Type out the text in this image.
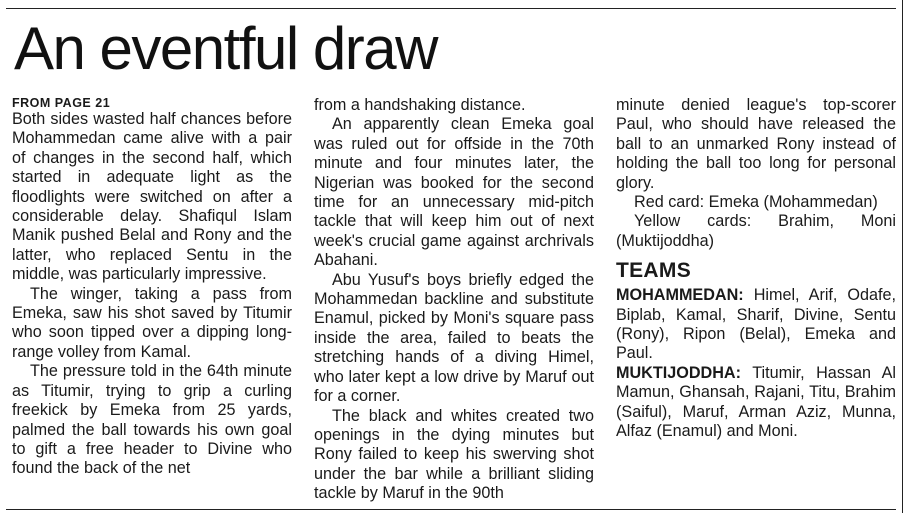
An eventful draw
FROM PAGE 21

Both sides wasted half chances before Mohammedan came alive with a pair of changes in the second half, which started in adequate light as the floodlights were switched on after a considerable delay. Shafiqul Islam Manik pushed Belal and Rony and the latter, who replaced Sentu in the middle, was particularly impressive.

The winger, taking a pass from Emeka, saw his shot saved by Titumir who soon tipped over a dipping long-range volley from Kamal.

The pressure told in the 64th minute as Titumir, trying to grip a curling freekick by Emeka from 25 yards, palmed the ball towards his own goal to gift a free header to Divine who found the back of the net

from a handshaking distance.

An apparently clean Emeka goal was ruled out for offside in the 70th minute and four minutes later, the Nigerian was booked for the second time for an unnecessary mid-pitch tackle that will keep him out of next week's crucial game against archrivals Abahani.

Abu Yusuf's boys briefly edged the Mohammedan backline and substitute Enamul, picked by Moni's square pass inside the area, failed to beats the stretching hands of a diving Himel, who later kept a low drive by Maruf out for a corner.

The black and whites created two openings in the dying minutes but Rony failed to keep his swerving shot under the bar while a brilliant sliding tackle by Maruf in the 90th

minute denied league's top-scorer Paul, who should have released the ball to an unmarked Rony instead of holding the ball too long for personal glory.

Red card: Emeka (Mohammedan)

Yellow cards: Brahim, Moni (Muktijoddha)

TEAMS

MOHAMMEDAN: Himel, Arif, Odafe, Biplab, Kamal, Sharif, Divine, Sentu (Rony), Ripon (Belal), Emeka and Paul.

MUKTIJODDHA: Titumir, Hassan Al Mamun, Ghansah, Rajani, Titu, Brahim (Saiful), Maruf, Arman Aziz, Munna, Alfaz (Enamul) and Moni.
